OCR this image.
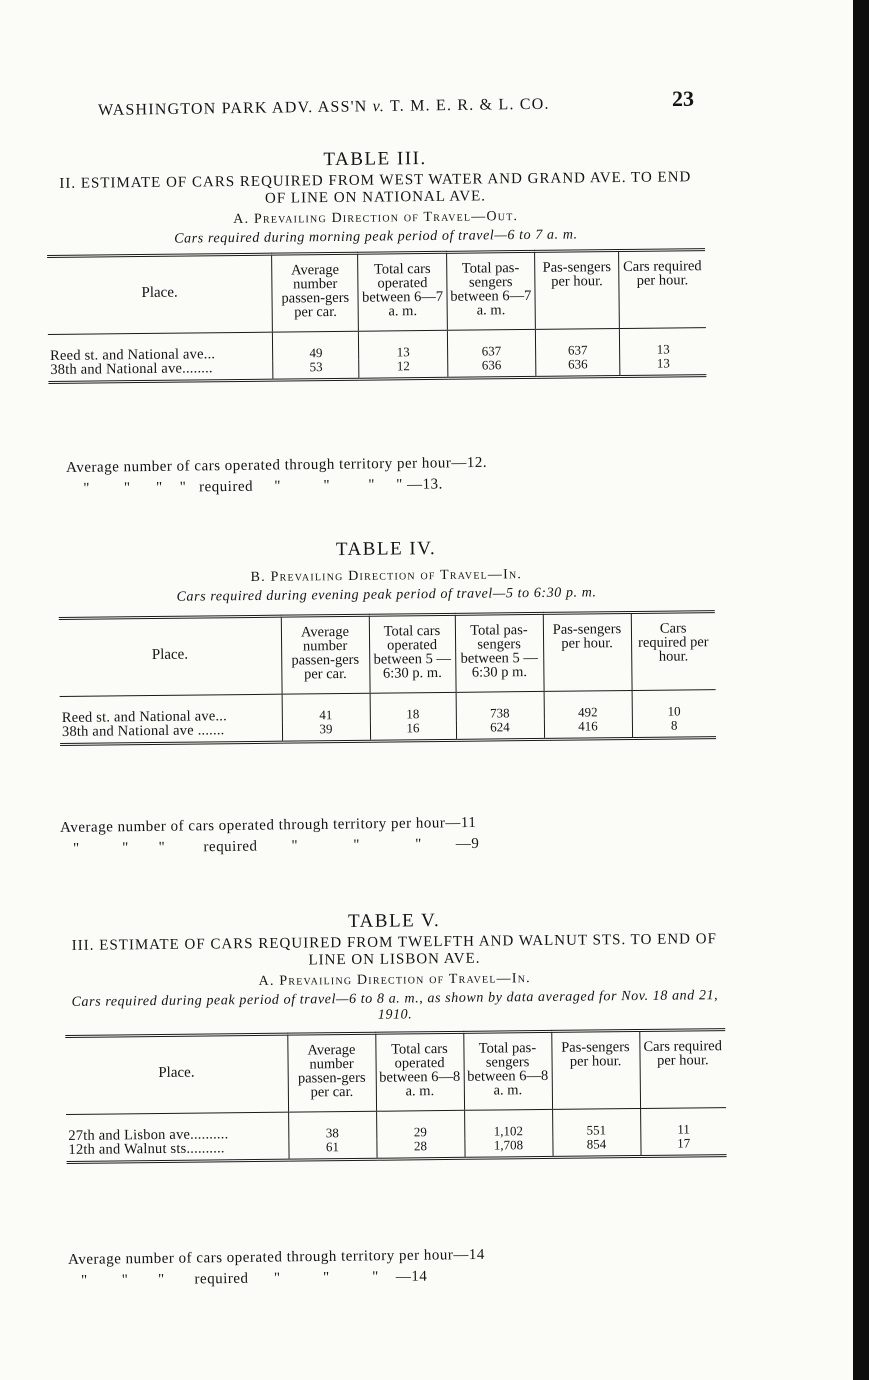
WASHINGTON PARK ADV. ASS'N v. T. M. E. R. & L. CO.	23
TABLE III.
II. ESTIMATE OF CARS REQUIRED FROM WEST WATER AND GRAND AVE. TO END OF LINE ON NATIONAL AVE.
A. Prevailing Direction of Travel—Out.
Cars required during morning peak period of travel—6 to 7 a. m.
Place.	Average number passen-gers per car.	Total cars operated between 6—7 a. m.	Total pas-sengers between 6—7 a. m.	Pas-sengers per hour.	Cars required per hour.
Reed st. and National ave...	49	13	637	637	13
38th and National ave........	53	12	636	636	13
Average number of cars operated through territory per hour—12.
"        "      "    "   required     "          "         "     " —13.
TABLE IV.
B. Prevailing Direction of Travel—In.
Cars required during evening peak period of travel—5 to 6:30 p. m.
Place.	Average number passen-gers per car.	Total cars operated between 5 — 6:30 p. m.	Total pas-sengers between 5 — 6:30 p m.	Pas-sengers per hour.	Cars required per hour.
Reed st. and National ave...	41	18	738	492	10
38th and National ave .......	39	16	624	416	8
Average number of cars operated through territory per hour—11
"          "       "         required        "             "             "        —9
TABLE V.
III. ESTIMATE OF CARS REQUIRED FROM TWELFTH AND WALNUT STS. TO END OF LINE ON LISBON AVE.
A. Prevailing Direction of Travel—In.
Cars required during peak period of travel—6 to 8 a. m., as shown by data averaged for Nov. 18 and 21, 1910.
Place.	Average number passen-gers per car.	Total cars operated between 6—8 a. m.	Total pas-sengers between 6—8 a. m.	Pas-sengers per hour.	Cars required per hour.
27th and Lisbon ave..........	38	29	1,102	551	11
12th and Walnut sts..........	61	28	1,708	854	17
Average number of cars operated through territory per hour—14
"        "       "       required      "          "          "    —14
